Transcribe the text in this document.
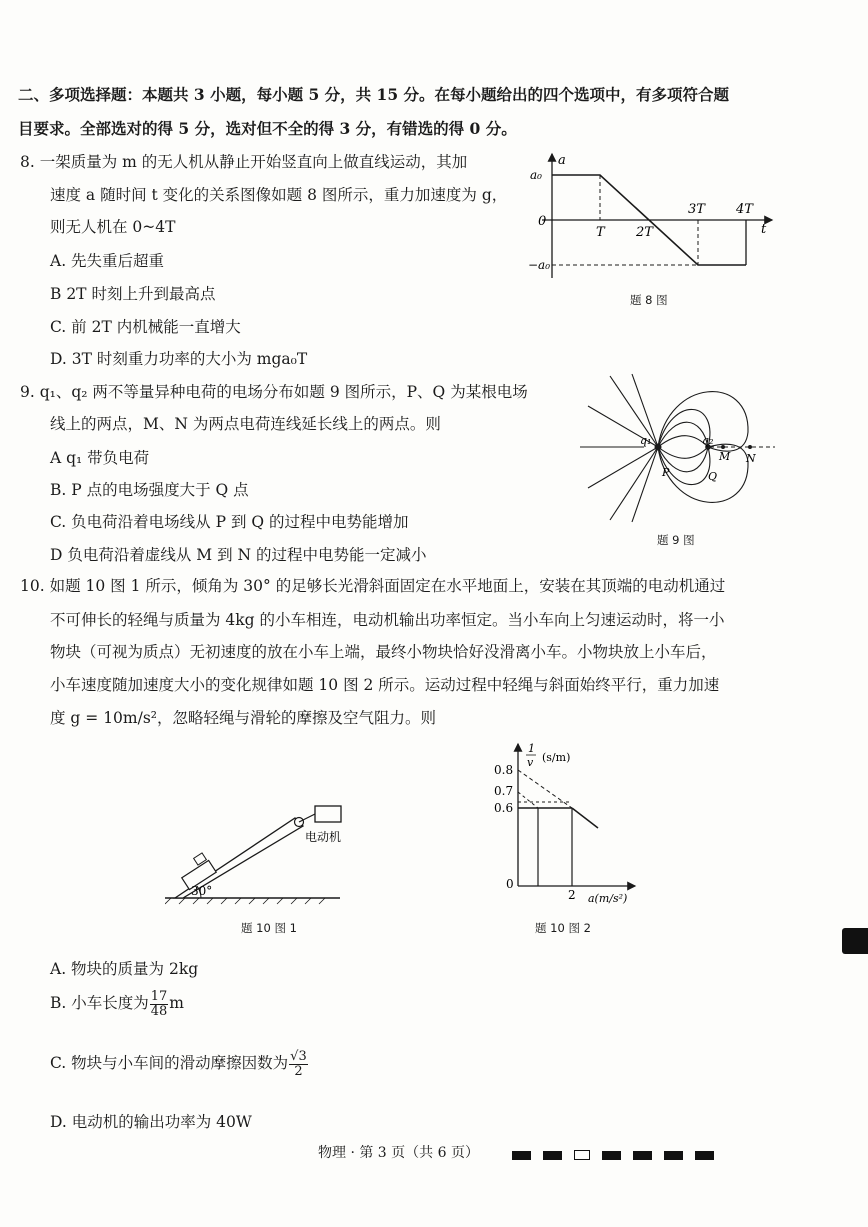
二、多项选择题：本题共 3 小题，每小题 5 分，共 15 分。在每小题给出的四个选项中，有多项符合题
目要求。全部选对的得 5 分，选对但不全的得 3 分，有错选的得 0 分。
8. 一架质量为 m 的无人机从静止开始竖直向上做直线运动，其加
速度 a 随时间 t 变化的关系图像如题 8 图所示，重力加速度为 g，
则无人机在 0~4T
A. 先失重后超重
B 2T 时刻上升到最高点
C. 前 2T 内机械能一直增大
D. 3T 时刻重力功率的大小为 mga₀T
a
t
a₀
−a₀
0
T 2T
3T 4T
题 8 图
9. q₁、q₂ 两不等量异种电荷的电场分布如题 9 图所示，P、Q 为某根电场
线上的两点，M、N 为两点电荷连线延长线上的两点。则
A q₁ 带负电荷
B. P 点的电场强度大于 Q 点
C. 负电荷沿着电场线从 P 到 Q 的过程中电势能增加
D 负电荷沿着虚线从 M 到 N 的过程中电势能一定减小
q₁	q₂
P	Q
M N
题 9 图
10. 如题 10 图 1 所示，倾角为 30° 的足够长光滑斜面固定在水平地面上，安装在其顶端的电动机通过
不可伸长的轻绳与质量为 4kg 的小车相连，电动机输出功率恒定。当小车向上匀速运动时，将一小
物块（可视为质点）无初速度的放在小车上端，最终小物块恰好没滑离小车。小物块放上小车后，
小车速度随加速度大小的变化规律如题 10 图 2 所示。运动过程中轻绳与斜面始终平行，重力加速
度 g = 10m/s²，忽略轻绳与滑轮的摩擦及空气阻力。则
30°
电动机
题 10 图 1
1
v (s/m)
0.8
0.7
0.6
0
2 a(m/s²)
题 10 图 2
A. 物块的质量为 2kg
B. 小车长度为 $\frac{17}{48}$ m
C. 物块与小车间的滑动摩擦因数为 $\frac{√3}{2}$
D. 电动机的输出功率为 40W
物理 · 第 3 页（共 6 页）
